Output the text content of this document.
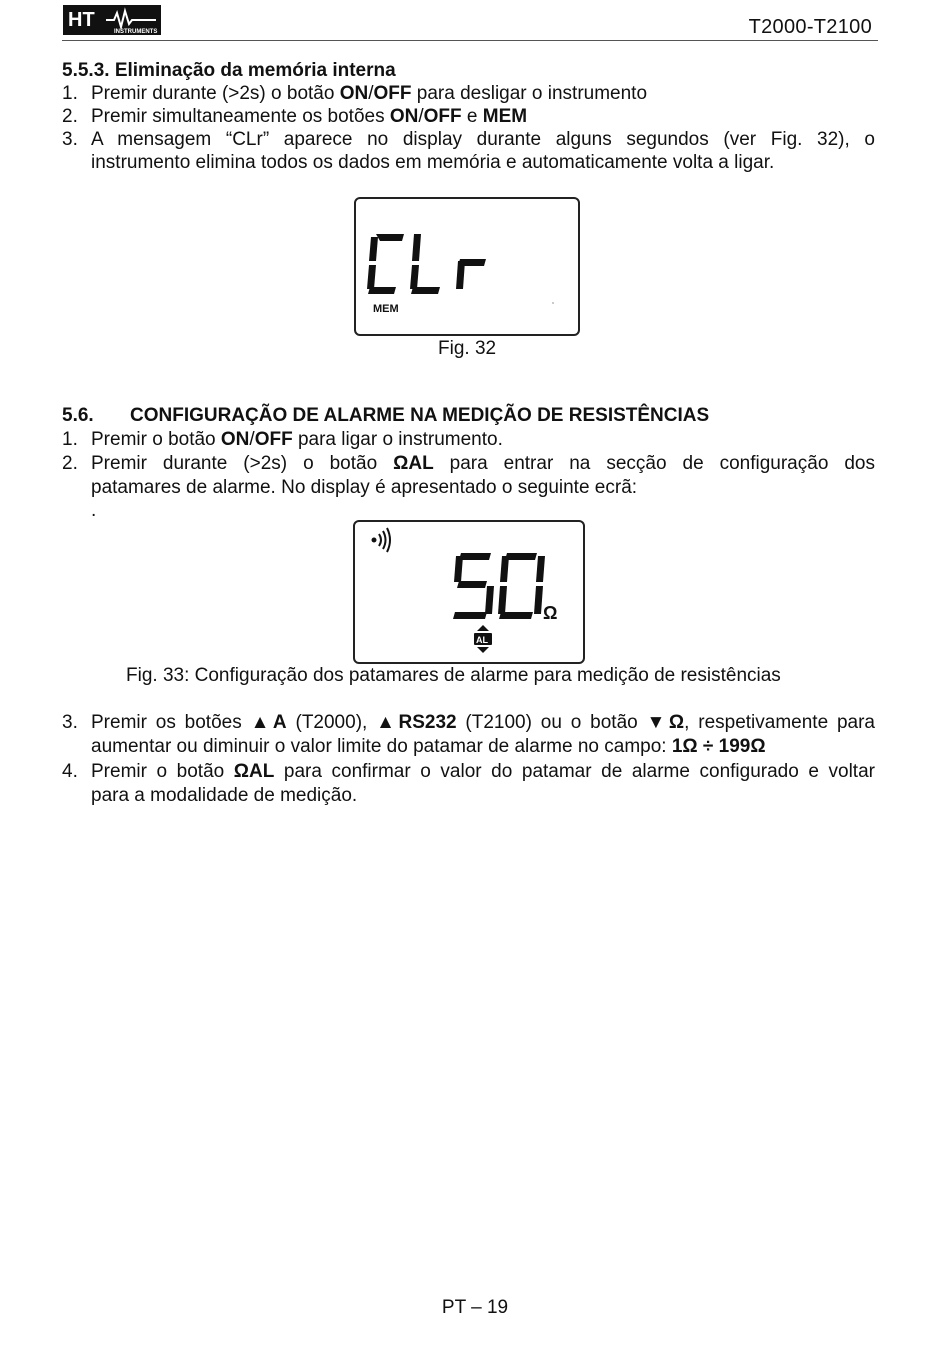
HT
INSTRUMENTS	T2000-T2100
5.5.3. Eliminação da memória interna
1. Premir durante (>2s) o botão ON/OFF para desligar o instrumento
2. Premir simultaneamente os botões ON/OFF e MEM
3. A mensagem “CLr” aparece no display durante alguns segundos (ver Fig. 32), o
instrumento elimina todos os dados em memória e automaticamente volta a ligar.
MEM
Fig. 32
5.6. CONFIGURAÇÃO DE ALARME NA MEDIÇÃO DE RESISTÊNCIAS
1. Premir o botão ON/OFF para ligar o instrumento.
2. Premir durante (>2s) o botão ΩAL para entrar na secção de configuração dos
patamares de alarme. No display é apresentado o seguinte ecrã:
.
Ω
AL
Fig. 33: Configuração dos patamares de alarme para medição de resistências
3. Premir os botões ▲A (T2000), ▲RS232 (T2100) ou o botão ▼Ω, respetivamente para
aumentar ou diminuir o valor limite do patamar de alarme no campo: 1Ω ÷ 199Ω
4. Premir o botão ΩAL para confirmar o valor do patamar de alarme configurado e voltar
para a modalidade de medição.
PT – 19
